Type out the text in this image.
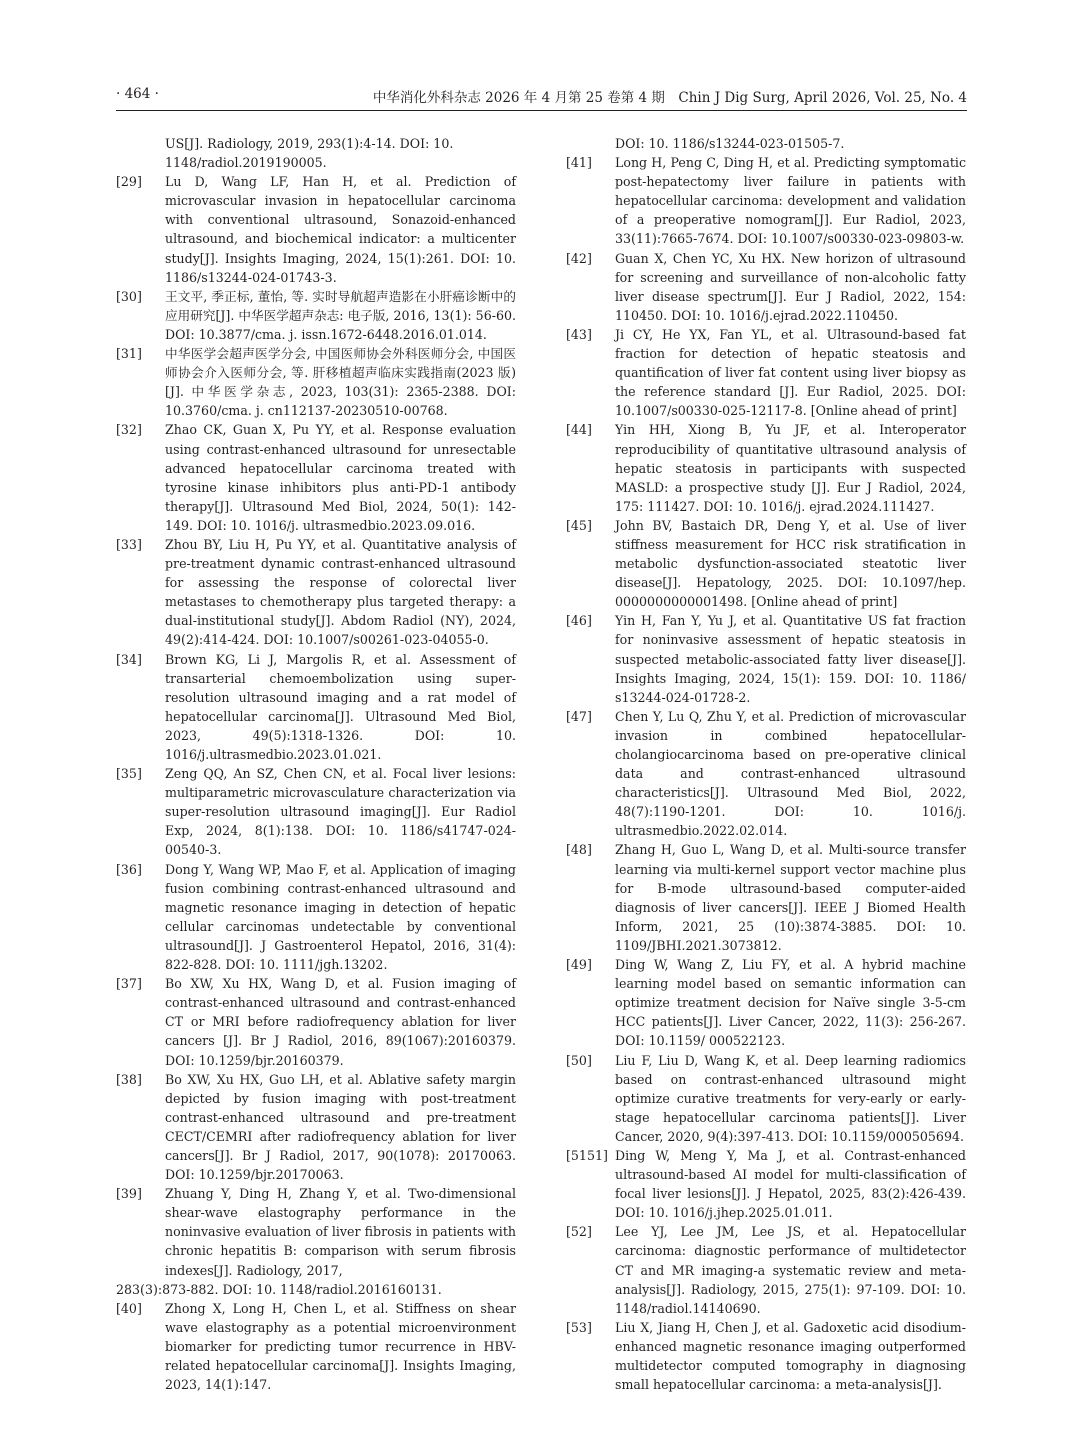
· 464 ·	中华消化外科杂志 2026 年 4 月第 25 卷第 4 期　Chin J Dig Surg, April 2026, Vol. 25, No. 4
US[J]. Radiology, 2019, 293(1):4-14. DOI: 10. 1148/radiol.2019190005.
[29]	Lu D, Wang LF, Han H, et al. Prediction of microvascular invasion in hepatocellular carcinoma with conventional ultrasound, Sonazoid-enhanced ultrasound, and biochemical indicator: a multicenter study[J]. Insights Imaging, 2024, 15(1):261. DOI: 10. 1186/s13244-024-01743-3.
[30]	王文平, 季正标, 董怡, 等. 实时导航超声造影在小肝癌诊断中的应用研究[J]. 中华医学超声杂志: 电子版, 2016, 13(1): 56-60. DOI: 10.3877/cma. j. issn.1672-6448.2016.01.014.
[31]	中华医学会超声医学分会, 中国医师协会外科医师分会, 中国医师协会介入医师分会, 等. 肝移植超声临床实践指南(2023 版)[J]. 中华医学杂志, 2023, 103(31): 2365-2388. DOI: 10.3760/cma. j. cn112137-20230510-00768.
[32]	Zhao CK, Guan X, Pu YY, et al. Response evaluation using contrast-enhanced ultrasound for unresectable advanced hepatocellular carcinoma treated with tyrosine kinase inhibitors plus anti-PD-1 antibody therapy[J]. Ultrasound Med Biol, 2024, 50(1): 142-149. DOI: 10. 1016/j. ultrasmedbio.2023.09.016.
[33]	Zhou BY, Liu H, Pu YY, et al. Quantitative analysis of pre-treatment dynamic contrast-enhanced ultrasound for assessing the response of colorectal liver metastases to chemotherapy plus targeted therapy: a dual-institutional study[J]. Abdom Radiol (NY), 2024, 49(2):414-424. DOI: 10.1007/s00261-023-04055-0.
[34]	Brown KG, Li J, Margolis R, et al. Assessment of transarterial chemoembolization using super-resolution ultrasound imaging and a rat model of hepatocellular carcinoma[J]. Ultrasound Med Biol, 2023, 49(5):1318-1326. DOI: 10. 1016/j.ultrasmedbio.2023.01.021.
[35]	Zeng QQ, An SZ, Chen CN, et al. Focal liver lesions: multiparametric microvasculature characterization via super-resolution ultrasound imaging[J]. Eur Radiol Exp, 2024, 8(1):138. DOI: 10. 1186/s41747-024-00540-3.
[36]	Dong Y, Wang WP, Mao F, et al. Application of imaging fusion combining contrast-enhanced ultrasound and magnetic resonance imaging in detection of hepatic cellular carcinomas undetectable by conventional ultrasound[J]. J Gastroenterol Hepatol, 2016, 31(4): 822-828. DOI: 10. 1111/jgh.13202.
[37]	Bo XW, Xu HX, Wang D, et al. Fusion imaging of contrast-enhanced ultrasound and contrast-enhanced CT or MRI before radiofrequency ablation for liver cancers [J]. Br J Radiol, 2016, 89(1067):20160379. DOI: 10.1259/bjr.20160379.
[38]	Bo XW, Xu HX, Guo LH, et al. Ablative safety margin depicted by fusion imaging with post-treatment contrast-enhanced ultrasound and pre-treatment CECT/CEMRI after radiofrequency ablation for liver cancers[J]. Br J Radiol, 2017, 90(1078): 20170063. DOI: 10.1259/bjr.20170063.
[39]	Zhuang Y, Ding H, Zhang Y, et al. Two-dimensional shear-wave elastography performance in the noninvasive evaluation of liver fibrosis in patients with chronic hepatitis B: comparison with serum fibrosis indexes[J]. Radiology, 2017,
283(3):873-882. DOI: 10. 1148/radiol.2016160131.
[40]	Zhong X, Long H, Chen L, et al. Stiffness on shear wave elastography as a potential microenvironment biomarker for predicting tumor recurrence in HBV-related hepatocellular carcinoma[J]. Insights Imaging, 2023, 14(1):147.
DOI: 10. 1186/s13244-023-01505-7.
[41]	Long H, Peng C, Ding H, et al. Predicting symptomatic post-hepatectomy liver failure in patients with hepatocellular carcinoma: development and validation of a preoperative nomogram[J]. Eur Radiol, 2023, 33(11):7665-7674. DOI: 10.1007/s00330-023-09803-w.
[42]	Guan X, Chen YC, Xu HX. New horizon of ultrasound for screening and surveillance of non-alcoholic fatty liver disease spectrum[J]. Eur J Radiol, 2022, 154: 110450. DOI: 10. 1016/j.ejrad.2022.110450.
[43]	Ji CY, He YX, Fan YL, et al. Ultrasound-based fat fraction for detection of hepatic steatosis and quantification of liver fat content using liver biopsy as the reference standard [J]. Eur Radiol, 2025. DOI: 10.1007/s00330-025-12117-8. [Online ahead of print]
[44]	Yin HH, Xiong B, Yu JF, et al. Interoperator reproducibility of quantitative ultrasound analysis of hepatic steatosis in participants with suspected MASLD: a prospective study [J]. Eur J Radiol, 2024, 175: 111427. DOI: 10. 1016/j. ejrad.2024.111427.
[45]	John BV, Bastaich DR, Deng Y, et al. Use of liver stiffness measurement for HCC risk stratification in metabolic dysfunction-associated steatotic liver disease[J]. Hepatology, 2025. DOI: 10.1097/hep. 0000000000001498. [Online ahead of print]
[46]	Yin H, Fan Y, Yu J, et al. Quantitative US fat fraction for noninvasive assessment of hepatic steatosis in suspected metabolic-associated fatty liver disease[J]. Insights Imaging, 2024, 15(1): 159. DOI: 10. 1186/ s13244-024-01728-2.
[47]	Chen Y, Lu Q, Zhu Y, et al. Prediction of microvascular invasion in combined hepatocellular-cholangiocarcinoma based on pre-operative clinical data and contrast-enhanced ultrasound characteristics[J]. Ultrasound Med Biol, 2022, 48(7):1190-1201. DOI: 10. 1016/j. ultrasmedbio.2022.02.014.
[48]	Zhang H, Guo L, Wang D, et al. Multi-source transfer learning via multi-kernel support vector machine plus for B-mode ultrasound-based computer-aided diagnosis of liver cancers[J]. IEEE J Biomed Health Inform, 2021, 25 (10):3874-3885. DOI: 10. 1109/JBHI.2021.3073812.
[49]	Ding W, Wang Z, Liu FY, et al. A hybrid machine learning model based on semantic information can optimize treatment decision for Naïve single 3-5-cm HCC patients[J]. Liver Cancer, 2022, 11(3): 256-267. DOI: 10.1159/ 000522123.
[50]	Liu F, Liu D, Wang K, et al. Deep learning radiomics based on contrast-enhanced ultrasound might optimize curative treatments for very-early or early-stage hepatocellular carcinoma patients[J]. Liver Cancer, 2020, 9(4):397-413. DOI: 10.1159/000505694.
[5151] Ding W, Meng Y, Ma J, et al. Contrast-enhanced ultrasound-based AI model for multi-classification of focal liver lesions[J]. J Hepatol, 2025, 83(2):426-439. DOI: 10. 1016/j.jhep.2025.01.011.
[52]	Lee YJ, Lee JM, Lee JS, et al. Hepatocellular carcinoma: diagnostic performance of multidetector CT and MR imaging-a systematic review and meta-analysis[J]. Radiology, 2015, 275(1): 97-109. DOI: 10. 1148/radiol.14140690.
[53]	Liu X, Jiang H, Chen J, et al. Gadoxetic acid disodium-enhanced magnetic resonance imaging outperformed multidetector computed tomography in diagnosing small hepatocellular carcinoma: a meta-analysis[J].
